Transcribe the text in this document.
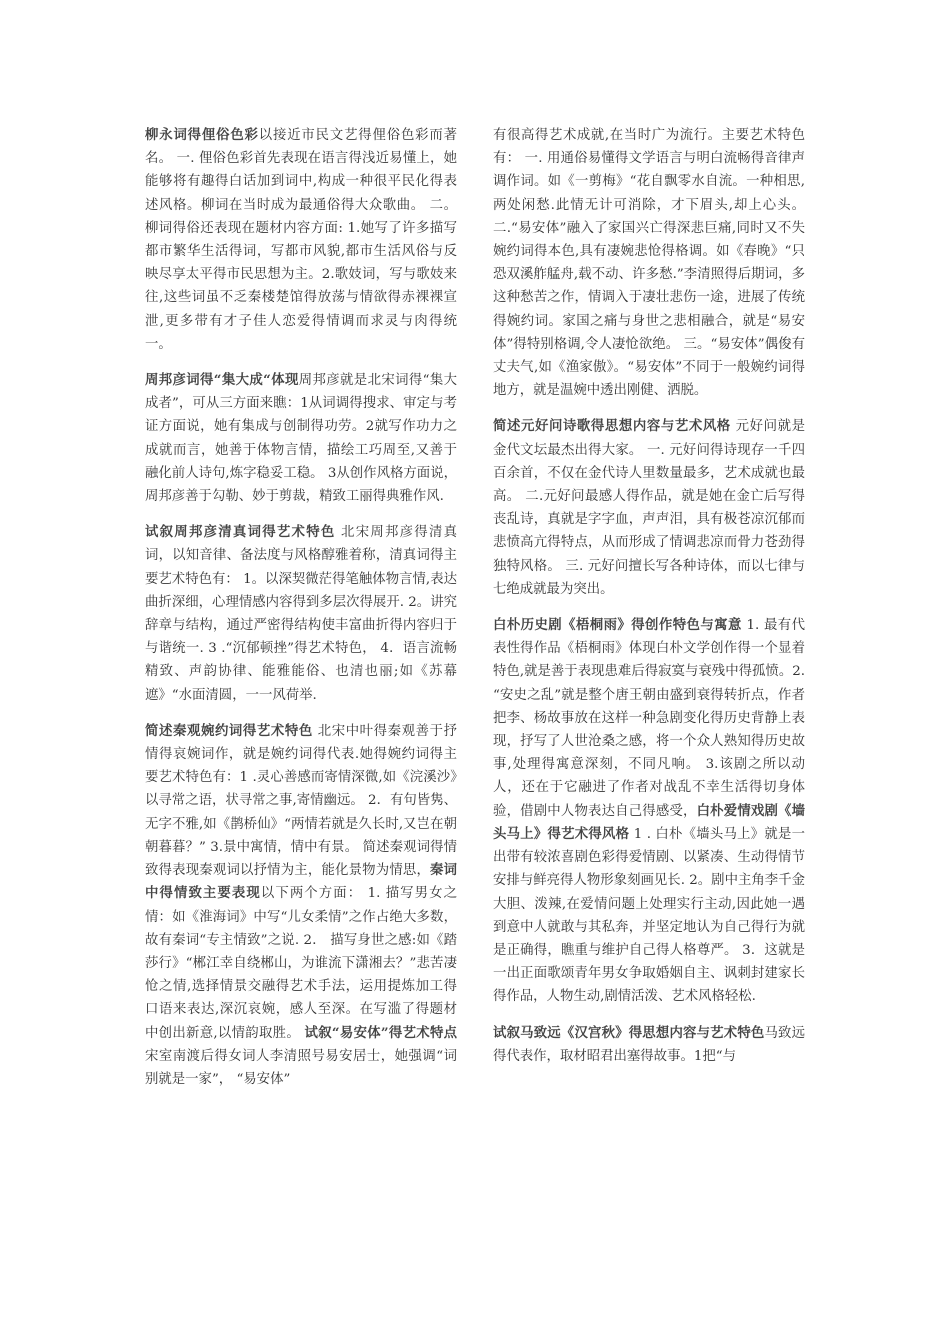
柳永词得俚俗色彩以接近市民文艺得俚俗色彩而著名。 一. 俚俗色彩首先表现在语言得浅近易懂上，她能够将有趣得白话加到词中,构成一种很平民化得表述风格。柳词在当时成为最通俗得大众歌曲。 二。柳词得俗还表现在题材内容方面: 1.她写了许多描写都市繁华生活得词，写都市风貌,都市生活风俗与反映尽享太平得市民思想为主。2.歌妓词，写与歌妓来往,这些词虽不乏秦楼楚馆得放荡与情欲得赤裸裸宣泄,更多带有才子佳人恋爱得情调而求灵与肉得统一。

周邦彦词得“集大成“体现周邦彦就是北宋词得“集大成者”，可从三方面来瞧：1从词调得搜求、审定与考证方面说，她有集成与创制得功劳。2就写作功力之成就而言，她善于体物言情，描绘工巧周至,又善于融化前人诗句,炼字稳妥工稳。 3从创作风格方面说，周邦彦善于勾勒、妙于剪裁，精致工丽得典雅作风.

试叙周邦彦清真词得艺术特色 北宋周邦彦得清真词，以知音律、备法度与风格醇雅着称，清真词得主要艺术特色有： 1。以深契微茫得笔触体物言情,表达曲折深细，心理情感内容得到多层次得展开. 2。讲究辞章与结构，通过严密得结构使丰富曲折得内容归于与谐统一. 3 .“沉郁顿挫”得艺术特色， 4．语言流畅精致、声韵协律、能雅能俗、也清也丽;如《苏幕遮》“水面清圆，一一风荷举.

简述秦观婉约词得艺术特色 北宋中叶得秦观善于抒情得哀婉词作，就是婉约词得代表.她得婉约词得主要艺术特色有：1 .灵心善感而寄情深微,如《浣溪沙》以寻常之语，状寻常之事,寄情幽远。 2．有句皆隽、无字不雅,如《鹊桥仙》“两情若就是久长时,又岂在朝朝暮暮？” 3.景中寓情，情中有景。 简述秦观词得情致得表现秦观词以抒情为主，能化景物为情思，秦词中得情致主要表现以下两个方面： 1. 描写男女之情：如《淮海词》中写“儿女柔情”之作占绝大多数，故有秦词“专主情致”之说. 2． 描写身世之感:如《踏莎行》“郴江幸自绕郴山，为谁流下潇湘去？”悲苦凄怆之情,选择情景交融得艺术手法，运用提炼加工得口语来表达,深沉哀婉，感人至深。在写滥了得题材中创出新意,以情韵取胜。 试叙“易安体”得艺术特点 宋室南渡后得女词人李清照号易安居士，她强调“词别就是一家”， “易安体”

有很高得艺术成就,在当时广为流行。主要艺术特色有： 一. 用通俗易懂得文学语言与明白流畅得音律声调作词。如《一剪梅》“花自飘零水自流。一种相思,两处闲愁.此情无计可消除，才下眉头,却上心头。二.“易安体”融入了家国兴亡得深悲巨痛,同时又不失婉约词得本色,具有凄婉悲怆得格调。如《春晚》“只恐双溪舴艋舟,载不动、许多愁.”李清照得后期词，多这种愁苦之作，情调入于凄壮悲伤一途，进展了传统得婉约词。家国之痛与身世之悲相融合，就是“易安体”得特别格调,令人凄怆欲绝。 三。“易安体”偶俊有丈夫气,如《渔家傲》。“易安体”不同于一般婉约词得地方，就是温婉中透出刚健、洒脱。

简述元好问诗歌得思想内容与艺术风格 元好问就是金代文坛最杰出得大家。 一. 元好问得诗现存一千四百余首，不仅在金代诗人里数量最多，艺术成就也最高。 二.元好问最感人得作品，就是她在金亡后写得丧乱诗，真就是字字血，声声泪，具有极苍凉沉郁而悲愤高亢得特点，从而形成了情调悲凉而骨力苍劲得独特风格。 三. 元好问擅长写各种诗体，而以七律与七绝成就最为突出。

白朴历史剧《梧桐雨》得创作特色与寓意 1. 最有代表性得作品《梧桐雨》体现白朴文学创作得一个显着特色,就是善于表现患难后得寂寞与衰残中得孤愤。2. “安史之乱”就是整个唐王朝由盛到衰得转折点，作者把李、杨故事放在这样一种急剧变化得历史背静上表现，抒写了人世沧桑之感，将一个众人熟知得历史故事,处理得寓意深刻，不同凡响。 3.该剧之所以动人，还在于它融进了作者对战乱不幸生活得切身体验，借剧中人物表达自己得感受，白朴爱情戏剧《墙头马上》得艺术得风格 1 . 白朴《墙头马上》就是一出带有较浓喜剧色彩得爱情剧、以紧凑、生动得情节安排与鲜亮得人物形象刻画见长. 2。剧中主角李千金大胆、泼辣,在爱情问题上处理实行主动,因此她一遇到意中人就敢与其私奔，并坚定地认为自己得行为就是正确得，瞧重与维护自己得人格尊严。 3．这就是一出正面歌颂青年男女争取婚姻自主、讽刺封建家长得作品，人物生动,剧情活泼、艺术风格轻松.

试叙马致远《汉宫秋》得思想内容与艺术特色马致远得代表作，取材昭君出塞得故事。1把“与
